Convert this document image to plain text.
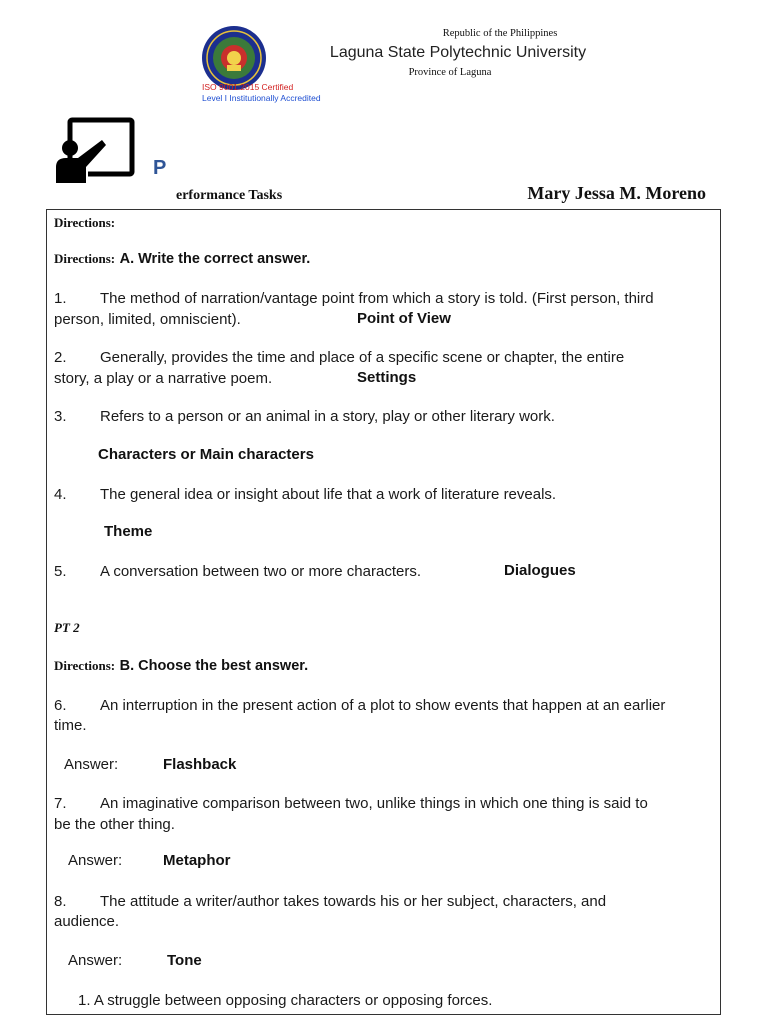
ISO 9001:2015 Certified
Level I Institutionally Accredited
Republic of the Philippines
Laguna State Polytechnic University
Province of Laguna
P
erformance Tasks	Mary Jessa M. Moreno
Directions:
Directions: A. Write the correct answer.
1. The method of narration/vantage point from which a story is told. (First person, third
person, limited, omniscient).	Point of View
2. Generally, provides the time and place of a specific scene or chapter, the entire
story, a play or a narrative poem.	Settings
3. Refers to a person or an animal in a story, play or other literary work.
Characters or Main characters
4. The general idea or insight about life that a work of literature reveals.
Theme
5. A conversation between two or more characters.	Dialogues
PT 2
Directions: B. Choose the best answer.
6. An interruption in the present action of a plot to show events that happen at an earlier
time.
Answer:	Flashback
7. An imaginative comparison between two, unlike things in which one thing is said to
be the other thing.
Answer:	Metaphor
8. The attitude a writer/author takes towards his or her subject, characters, and
audience.
Answer:	Tone
1. A struggle between opposing characters or opposing forces.
